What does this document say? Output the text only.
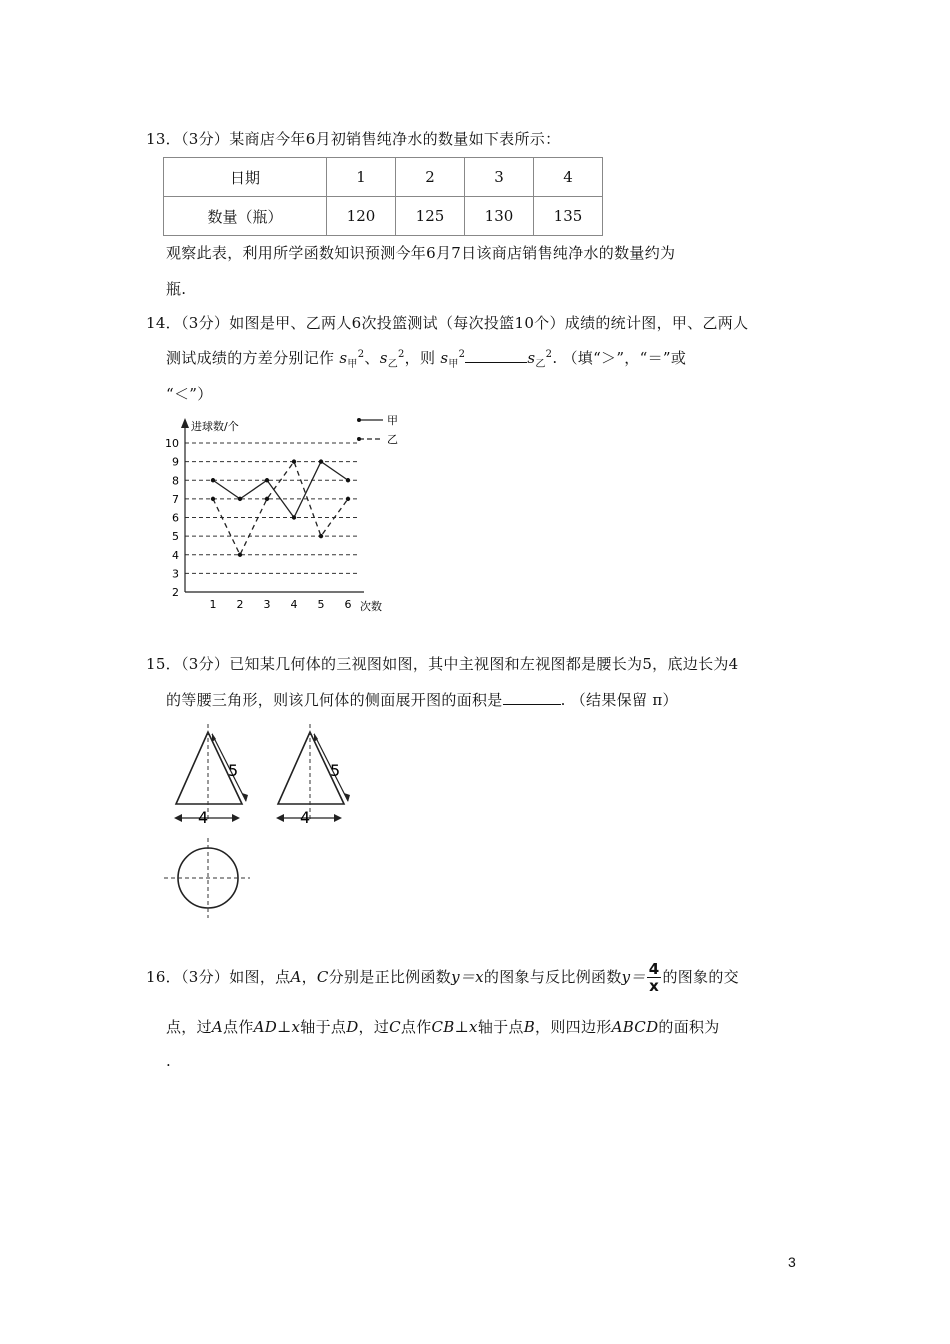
13．（3分）某商店今年6月初销售纯净水的数量如下表所示：
日期	1	2	3	4
数量（瓶）	120	125	130	135
观察此表，利用所学函数知识预测今年6月7日该商店销售纯净水的数量约为
瓶.
14．（3分）如图是甲、乙两人6次投篮测试（每次投篮10个）成绩的统计图，甲、乙两人
测试成绩的方差分别记作 $s_甲^2$、$s_乙^2$，则 $s_甲^2$	$s_乙^2$. （填“＞”，“＝”或
“＜”）
2
3
4
5
6
7
8
9
10
进球数/个
1 2 3 4 5 6 次数
甲
乙
15．（3分）已知某几何体的三视图如图，其中主视图和左视图都是腰长为5，底边长为4
的等腰三角形，则该几何体的侧面展开图的面积是	. （结果保留 π）
5
4
5
4
16．（3分）如图，点A，C分别是正比例函数y＝x的图象与反比例函数$y= \frac{4}{x}$ 的图象的交
点，过A点作AD⊥x轴于点D，过C点作CB⊥x轴于点B，则四边形ABCD的面积为
.
3
